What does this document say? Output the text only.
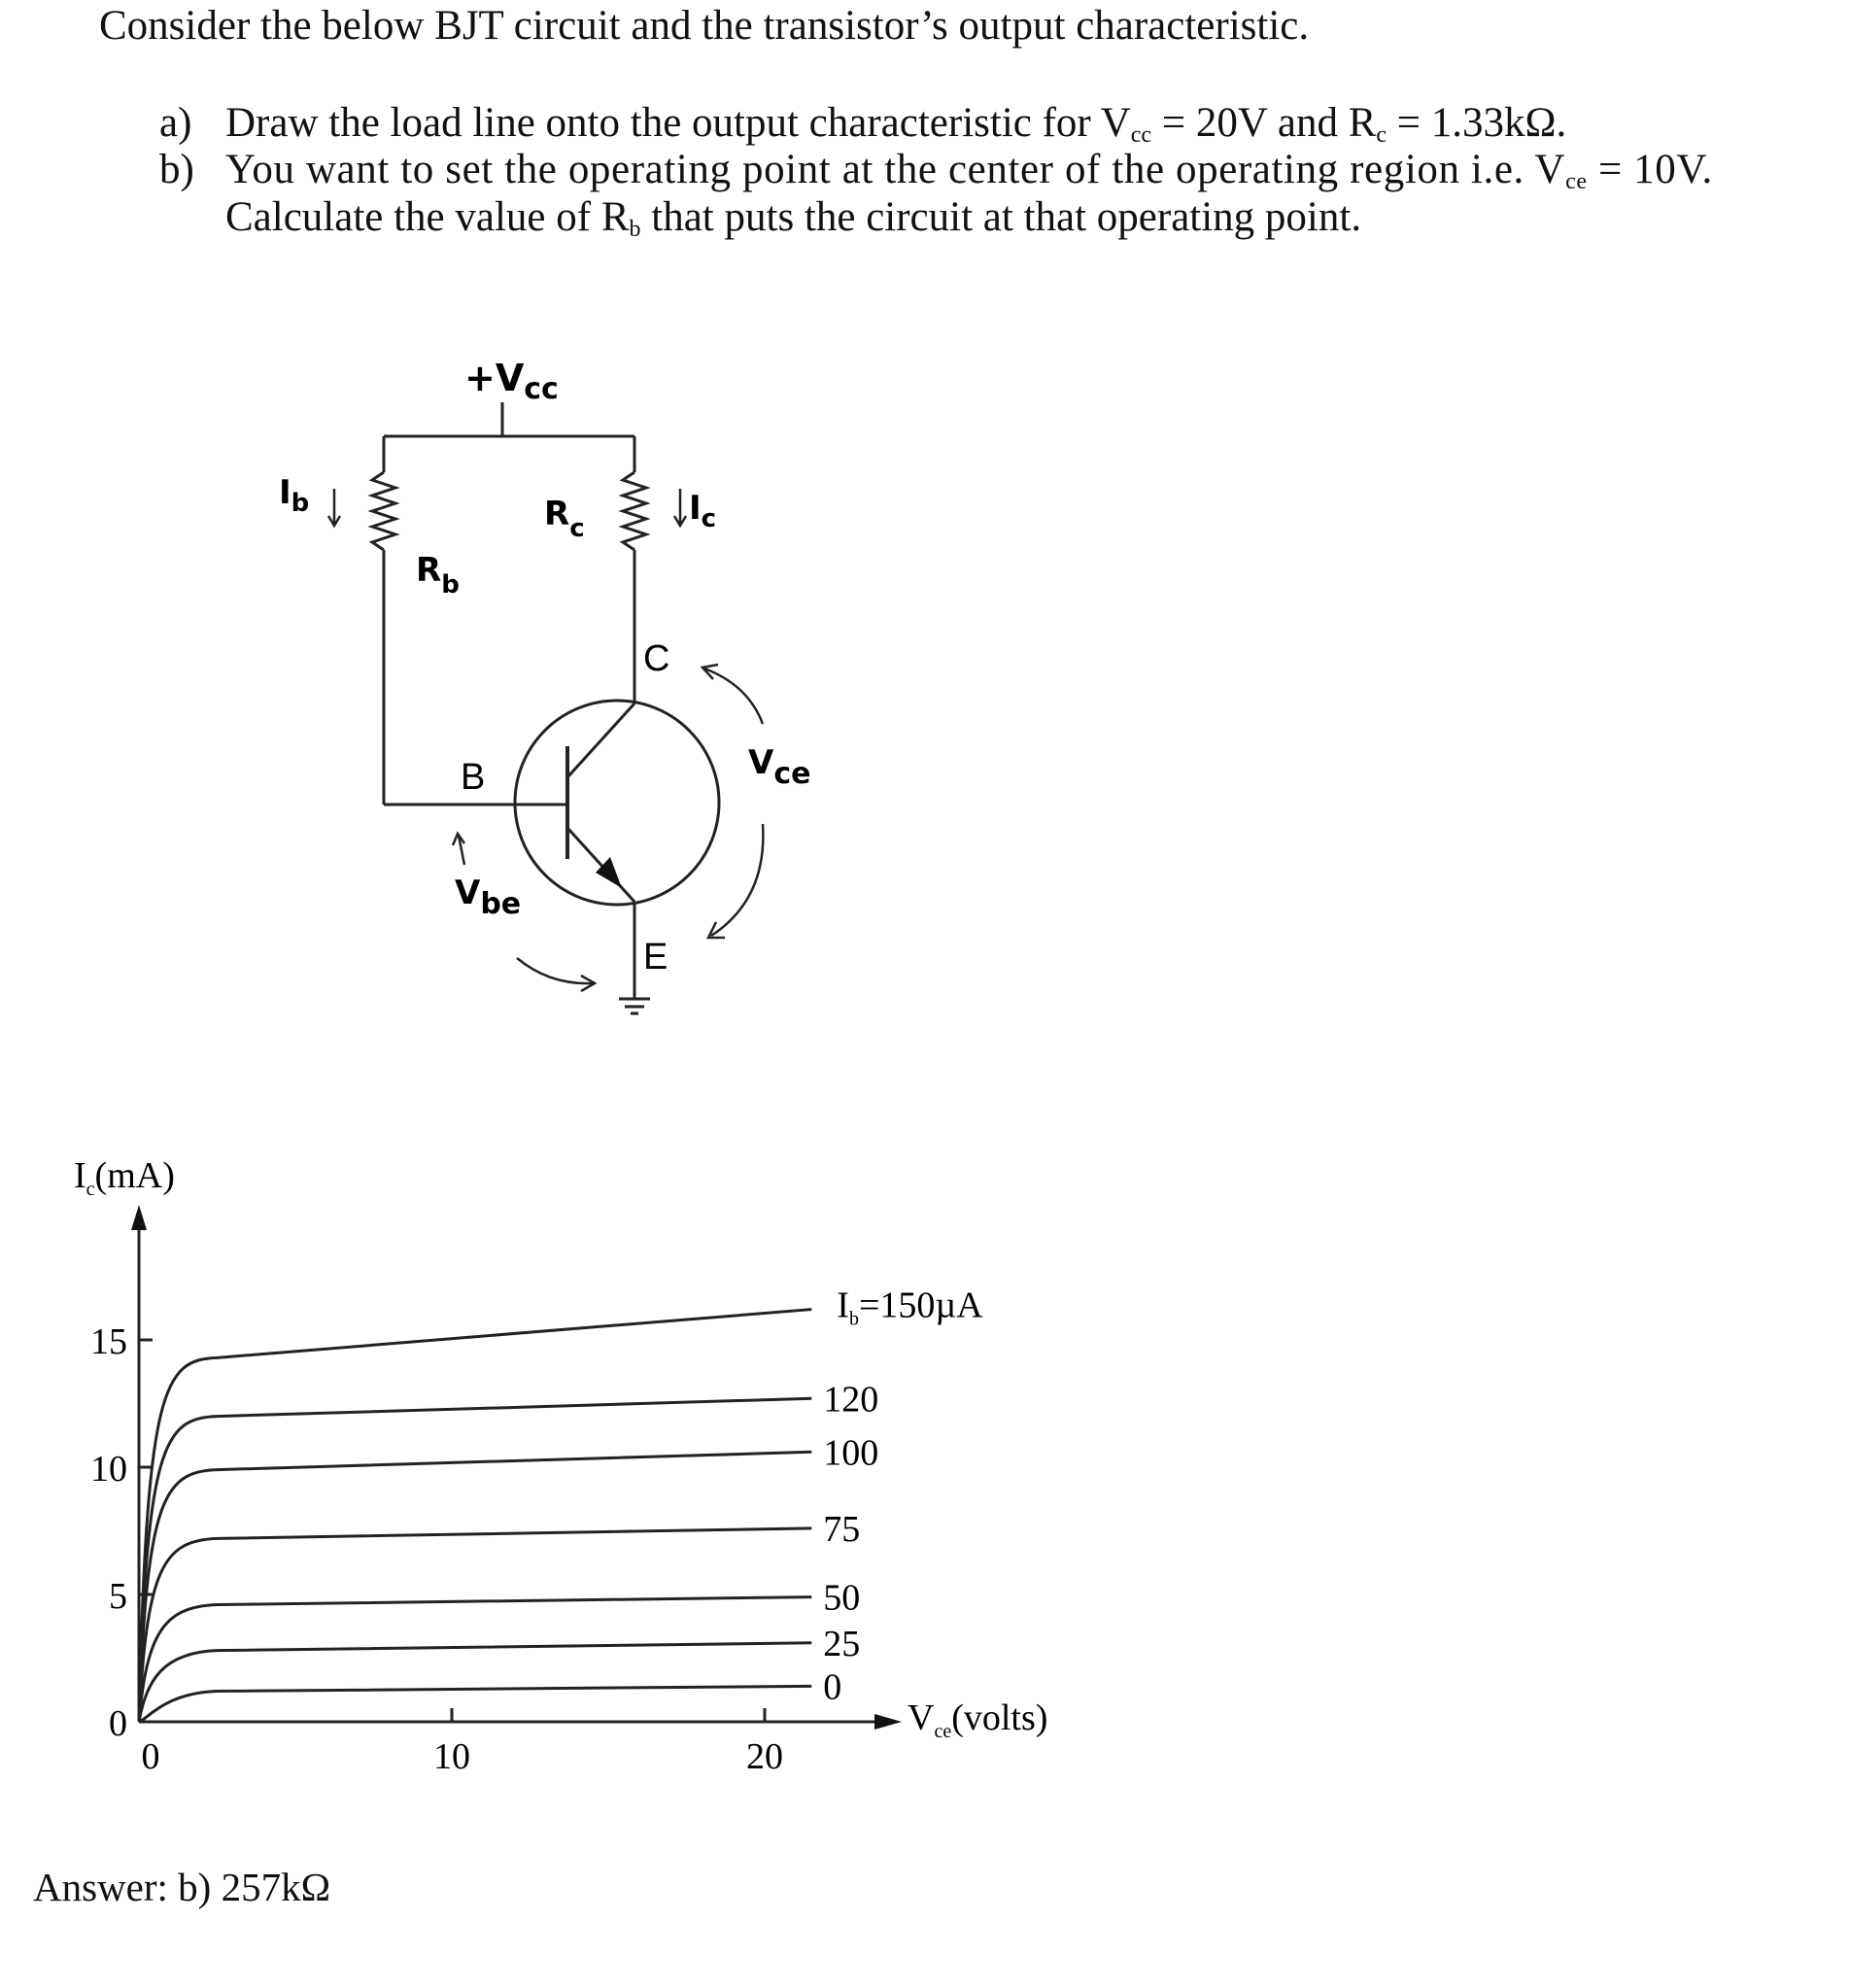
Consider the below BJT circuit and the transistor’s output characteristic.
a) Draw the load line onto the output characteristic for $V_{cc} = 20V$ and $R_c = 1.33k\Omega$.
b) You want to set the operating point at the center of the operating region i.e. $V_{ce} = 10V$.
Calculate the value of $R_b$ that puts the circuit at that operating point.
$+V_{cc}$
$I_b$	$I_c$
$R_b$
$R_c$
C
B
E
Vce
Vbe
0
25
50
75
100
120
$I_b=150\mu A$
0
5
10
15
0	10	20
$I_c(mA)$
$V_{ce}(volts)$
Answer: b) 257kΩ
